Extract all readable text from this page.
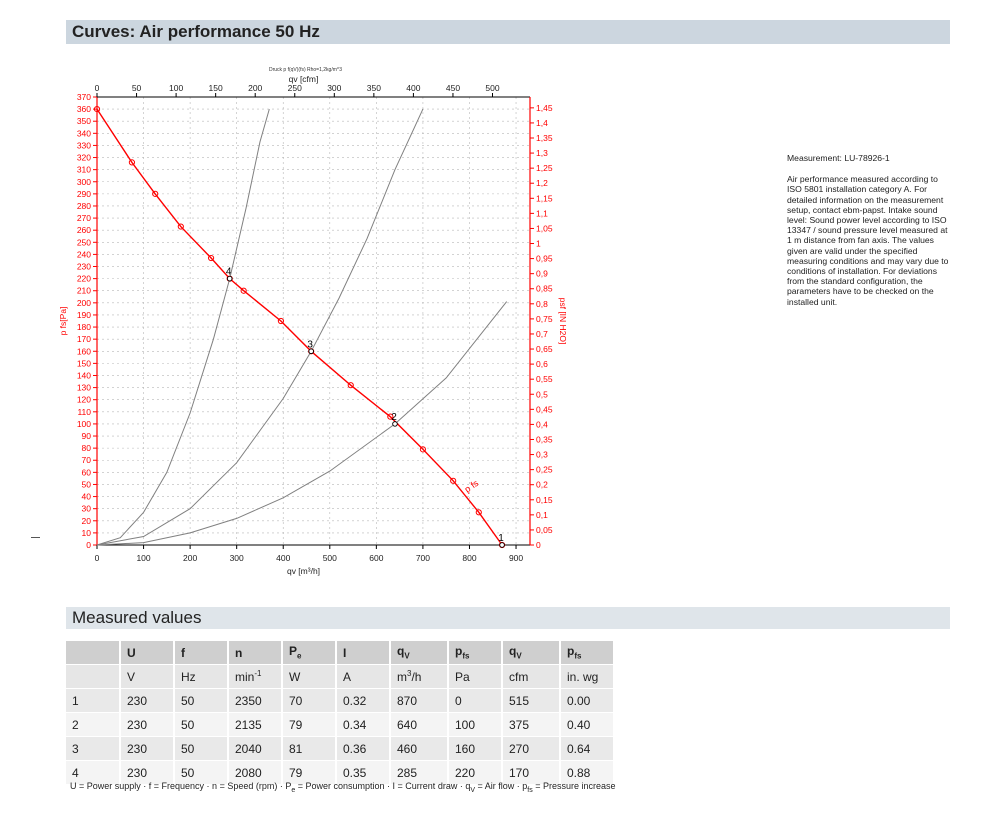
Curves: Air performance 50 Hz
0
10
20
30
40
50
60
70
80
90
100
110
120
130
140
150
160
170
180
190
200
210
220
230
240
250
260
270
280
290
300
310
320
330
340
350
360
370
0
0,05
0,1
0,15
0,2
0,25
0,3
0,35
0,4
0,45
0,5
0,55
0,6
0,65
0,7
0,75
0,8
0,85
0,9
0,95
1
1,05
1,1
1,15
1,2
1,25
1,3
1,35
1,4
1,45
0	100	200	300	400	500	600	700	800	900
0	50	100	150	200	250	300	350	400	450	500
qv [m³/h]
qv [cfm]
Druck p f(qV)(fs) Rho=1,2kg/m^3
p fs[Pa]	psf [IN H2O]
p fs
1
2
3
4
Measurement: LU-78926-1
Air performance measured according to ISO 5801 installation category A. For detailed information on the measurement setup, contact ebm-papst. Intake sound level: Sound power level according to ISO 13347 / sound pressure level measured at 1 m distance from fan axis. The values given are valid under the specified measuring conditions and may vary due to conditions of installation. For deviations from the standard configuration, the parameters have to be checked on the installed unit.
Measured values
	U	f	n	$P_e$	I	$q_V$	$p_{fs}$	$q_V$	$p_{fs}$
	V	Hz	$\min^{-1}$	W	A	$m^3/h$	Pa	cfm	in. wg
1	230	50	2350	70	0.32	870	0	515	0.00
2	230	50	2135	79	0.34	640	100	375	0.40
3	230	50	2040	81	0.36	460	160	270	0.64
4	230	50	2080	79	0.35	285	220	170	0.88
U = Power supply · f = Frequency · n = Speed $(rpm) \cdot P_e$ = Power consumption · I = Current draw · $q_V$ = Air flow · $p_{fs}$ = Pressure increase
